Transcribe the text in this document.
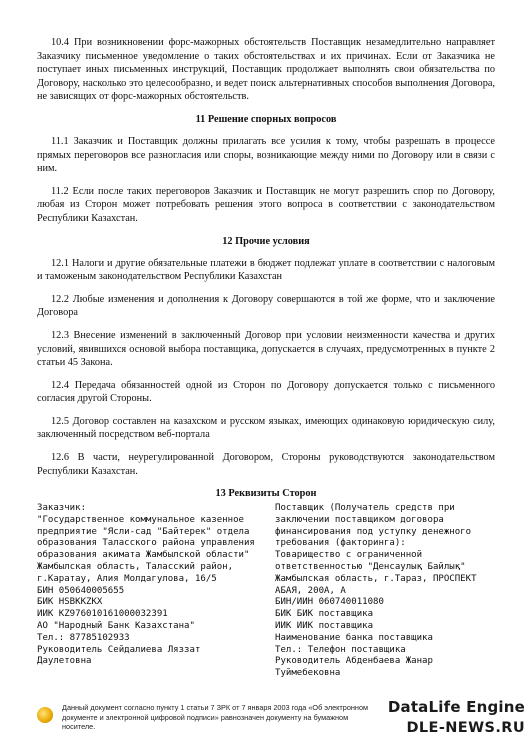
10.4 При возникновении форс-мажорных обстоятельств Поставщик незамедлительно направляет Заказчику письменное уведомление о таких обстоятельствах и их причинах. Если от Заказчика не поступает иных письменных инструкций, Поставщик продолжает выполнять свои обязательства по Договору, насколько это целесообразно, и ведет поиск альтернативных способов выполнения Договора, не зависящих от форс-мажорных обстоятельств.

11 Решение спорных вопросов

11.1 Заказчик и Поставщик должны прилагать все усилия к тому, чтобы разрешать в процессе прямых переговоров все разногласия или споры, возникающие между ними по Договору или в связи с ним.

11.2 Если после таких переговоров Заказчик и Поставщик не могут разрешить спор по Договору, любая из Сторон может потребовать решения этого вопроса в соответствии с законодательством Республики Казахстан.

12 Прочие условия

12.1 Налоги и другие обязательные платежи в бюджет подлежат уплате в соответствии с налоговым и таможеным законодательством Республики Казахстан

12.2 Любые изменения и дополнения к Договору совершаются в той же форме, что и заключение Договора

12.3 Внесение изменений в заключенный Договор при условии неизменности качества и других условий, явившихся основой выбора поставщика, допускается в случаях, предусмотренных в пункте 2 статьи 45 Закона.

12.4 Передача обязанностей одной из Сторон по Договору допускается только с письменного согласия другой Стороны.

12.5 Договор составлен на казахском и русском языках, имеющих одинаковую юридическую силу, заключенный посредством веб-портала

12.6 В части, неурегулированной Договором, Стороны руководствуются законодательством Республики Казахстан.

13 Реквизиты Сторон
Заказчик:
"Государственное коммунальное казенное предприятие "Ясли-сад "Байтерек" отдела образования Таласского района управления образования акимата Жамбылской области"
Жамбылская область, Таласский район, г.Каратау, Алия Молдагулова, 16/5
БИН 050640005655
БИК HSBKKZKX
ИИК KZ976010161000032391
АО "Народный Банк Казахстана"
Тел.: 87785102933
Руководитель Сейдалиева Ляззат Даулетовна
Поставщик (Получатель средств при заключении поставщиком договора финансирования под уступку денежного требования (факторинга):
Товарищество с ограниченной ответственностью "Денсаулық Байлық"
Жамбылская область, г.Тараз, ПРОСПЕКТ АБАЯ, 200А, А
БИН/ИИН 060740011080
БИК БИК поставщика
ИИК ИИК поставщика
Наименование банка поставщика
Тел.: Телефон поставщика
Руководитель Абденбаева Жанар Туймебековна
Данный документ согласно пункту 1 статьи 7 ЗРК от 7 января 2003 года «Об электронном документе и электронной цифровой подписи» равнозначен документу на бумажном носителе.
DataLife Engine
DLE-NEWS.RU
